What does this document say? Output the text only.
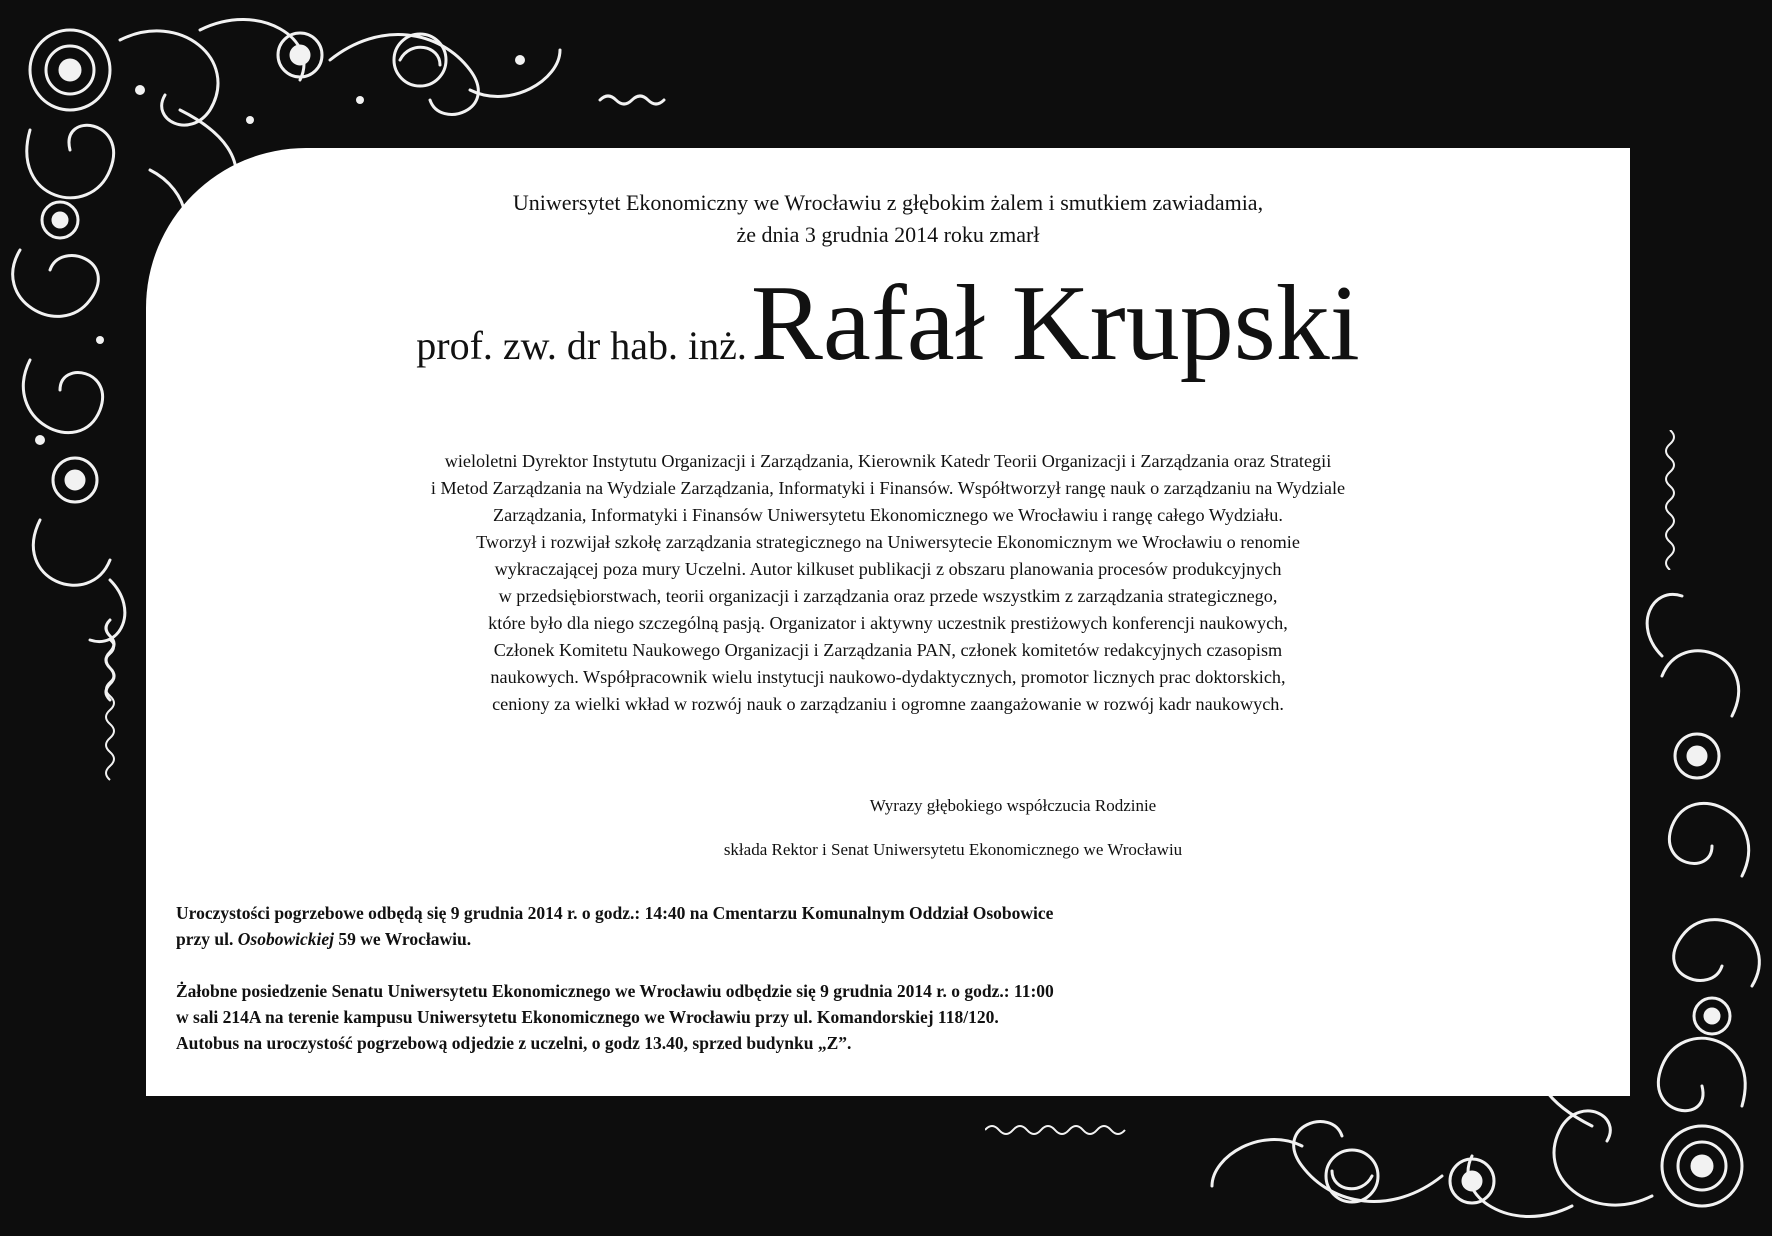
Uniwersytet Ekonomiczny we Wrocławiu z głębokim żalem i smutkiem zawiadamia,
że dnia 3 grudnia 2014 roku zmarł
prof. zw. dr hab. inż. Rafał Krupski
wieloletni Dyrektor Instytutu Organizacji i Zarządzania, Kierownik Katedr Teorii Organizacji i Zarządzania oraz Strategii
i Metod Zarządzania na Wydziale Zarządzania, Informatyki i Finansów. Współtworzył rangę nauk o zarządzaniu na Wydziale
Zarządzania, Informatyki i Finansów Uniwersytetu Ekonomicznego we Wrocławiu i rangę całego Wydziału.
Tworzył i rozwijał szkołę zarządzania strategicznego na Uniwersytecie Ekonomicznym we Wrocławiu o renomie
wykraczającej poza mury Uczelni. Autor kilkuset publikacji z obszaru planowania procesów produkcyjnych
w przedsiębiorstwach, teorii organizacji i zarządzania oraz przede wszystkim z zarządzania strategicznego,
które było dla niego szczególną pasją. Organizator i aktywny uczestnik prestiżowych konferencji naukowych,
Członek Komitetu Naukowego Organizacji i Zarządzania PAN, członek komitetów redakcyjnych czasopism
naukowych. Współpracownik wielu instytucji naukowo-dydaktycznych, promotor licznych prac doktorskich,
ceniony za wielki wkład w rozwój nauk o zarządzaniu i ogromne zaangażowanie w rozwój kadr naukowych.
Wyrazy głębokiego współczucia Rodzinie
składa Rektor i Senat Uniwersytetu Ekonomicznego we Wrocławiu
Uroczystości pogrzebowe odbędą się 9 grudnia 2014 r. o godz.: 14:40 na Cmentarzu Komunalnym Oddział Osobowice
przy ul. Osobowickiej 59 we Wrocławiu.
Żałobne posiedzenie Senatu Uniwersytetu Ekonomicznego we Wrocławiu odbędzie się 9 grudnia 2014 r. o godz.: 11:00
w sali 214A na terenie kampusu Uniwersytetu Ekonomicznego we Wrocławiu przy ul. Komandorskiej 118/120.
Autobus na uroczystość pogrzebową odjedzie z uczelni, o godz 13.40, sprzed budynku „Z”.
